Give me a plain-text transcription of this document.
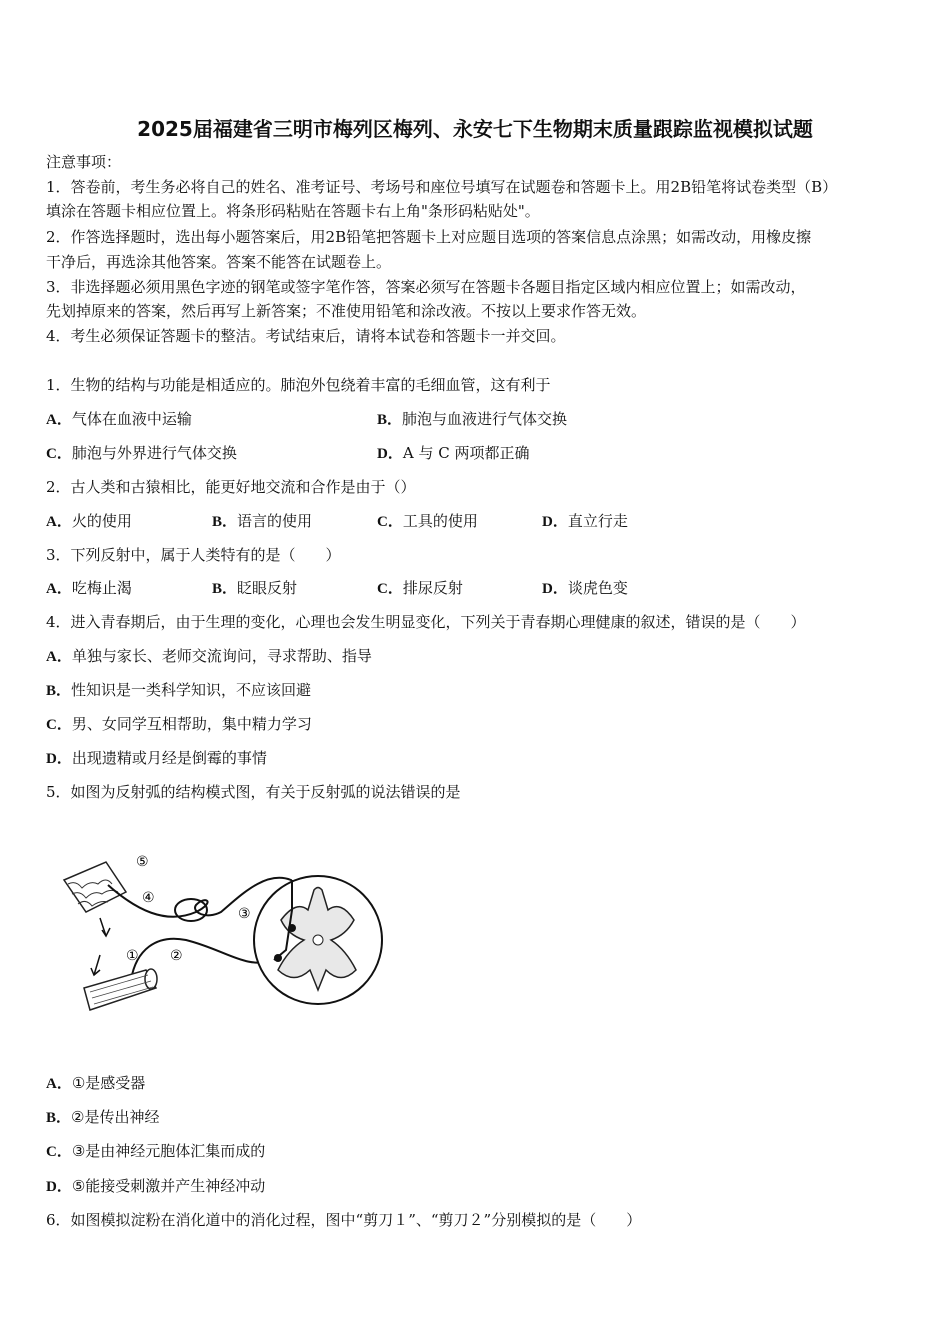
2025届福建省三明市梅列区梅列、永安七下生物期末质量跟踪监视模拟试题
注意事项：
1．答卷前，考生务必将自己的姓名、准考证号、考场号和座位号填写在试题卷和答题卡上。用2B铅笔将试卷类型（B）
填涂在答题卡相应位置上。将条形码粘贴在答题卡右上角"条形码粘贴处"。
2．作答选择题时，选出每小题答案后，用2B铅笔把答题卡上对应题目选项的答案信息点涂黑；如需改动，用橡皮擦
干净后，再选涂其他答案。答案不能答在试题卷上。
3．非选择题必须用黑色字迹的钢笔或签字笔作答，答案必须写在答题卡各题目指定区域内相应位置上；如需改动，
先划掉原来的答案，然后再写上新答案；不准使用铅笔和涂改液。不按以上要求作答无效。
4．考生必须保证答题卡的整洁。考试结束后，请将本试卷和答题卡一并交回。
1．生物的结构与功能是相适应的。肺泡外包绕着丰富的毛细血管，这有利于
A．气体在血液中运输	B．肺泡与血液进行气体交换
C．肺泡与外界进行气体交换	D．A 与 C 两项都正确
2．古人类和古猿相比，能更好地交流和合作是由于（）
A．火的使用	B．语言的使用	C．工具的使用	D．直立行走
3．下列反射中，属于人类特有的是（　　）
A．吃梅止渴	B．眨眼反射	C．排尿反射	D．谈虎色变
4．进入青春期后，由于生理的变化，心理也会发生明显变化，下列关于青春期心理健康的叙述，错误的是（　　）
A．单独与家长、老师交流询问，寻求帮助、指导
B．性知识是一类科学知识，不应该回避
C．男、女同学互相帮助，集中精力学习
D．出现遗精或月经是倒霉的事情
5．如图为反射弧的结构模式图，有关于反射弧的说法错误的是
⑤
④
③
②
①
A．①是感受器
B．②是传出神经
C．③是由神经元胞体汇集而成的
D．⑤能接受刺激并产生神经冲动
6．如图模拟淀粉在消化道中的消化过程，图中“剪刀１”、“剪刀２”分别模拟的是（　　）
